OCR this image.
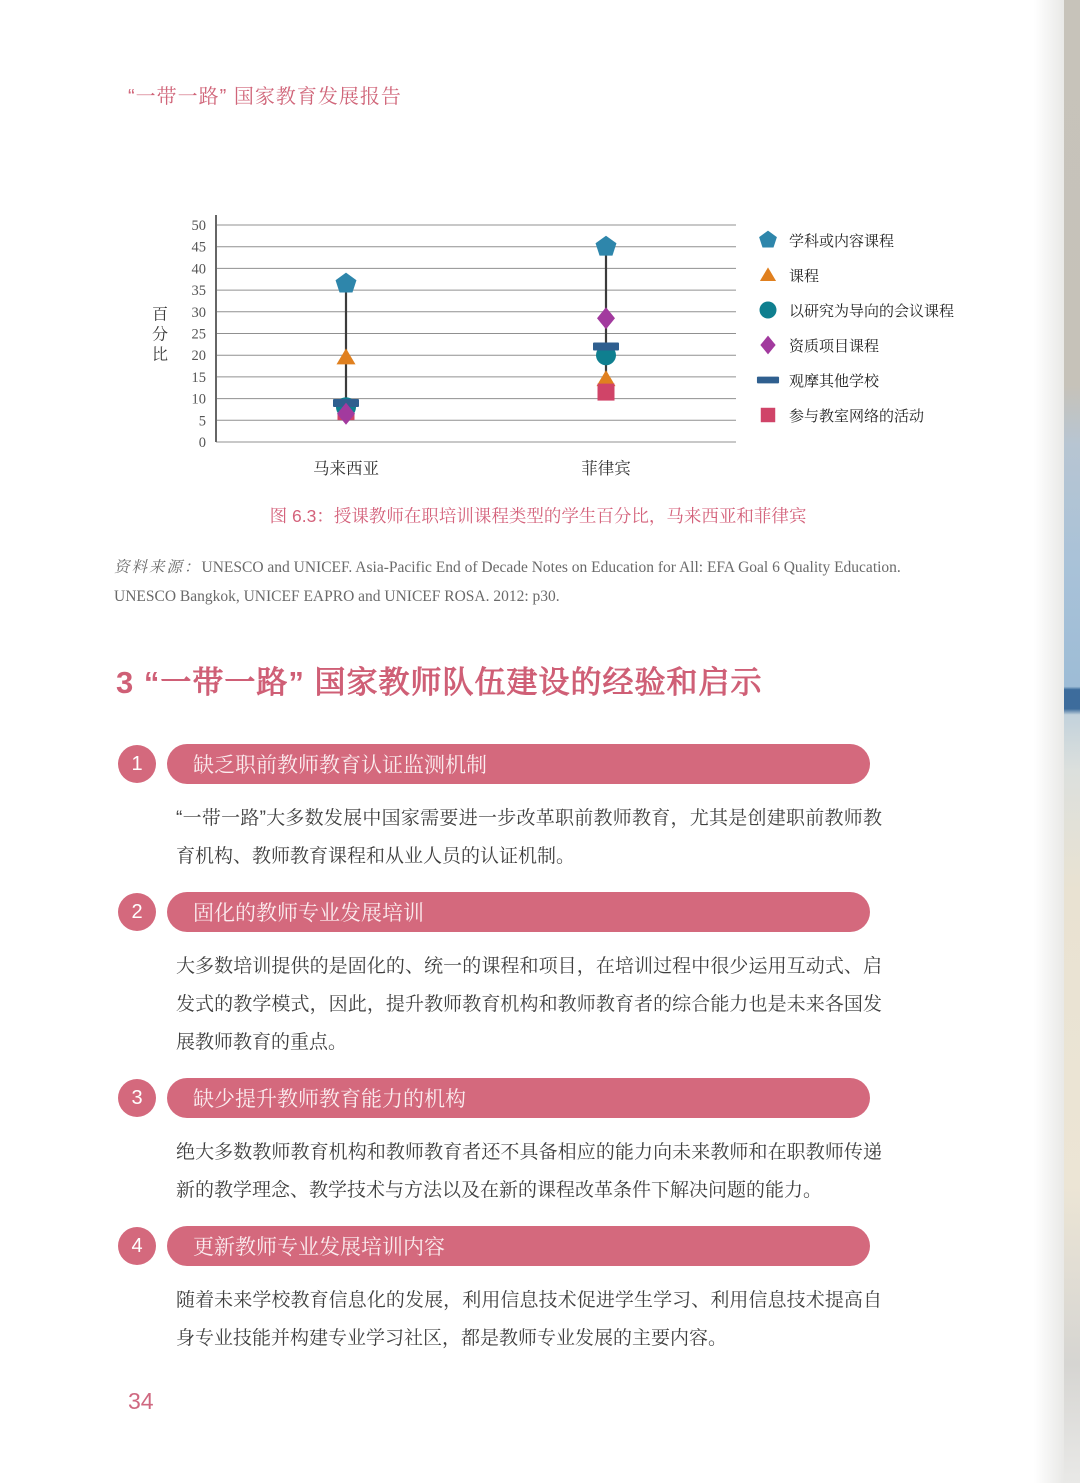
“一带一路” 国家教育发展报告
0
5
10
15
20
25
30
35
40
45
50
百
分
比
马来西亚	菲律宾
学科或内容课程
课程
以研究为导向的会议课程
资质项目课程
观摩其他学校
参与教室网络的活动
图 6.3：授课教师在职培训课程类型的学生百分比，马来西亚和菲律宾

资料来源：UNESCO and UNICEF. Asia-Pacific End of Decade Notes on Education for All: EFA Goal 6 Quality Education. UNESCO Bangkok, UNICEF EAPRO and UNICEF ROSA. 2012: p30.

3 “一带一路” 国家教师队伍建设的经验和启示
1	缺乏职前教师教育认证监测机制

“一带一路”大多数发展中国家需要进一步改革职前教师教育，尤其是创建职前教师教育机构、教师教育课程和从业人员的认证机制。

2	固化的教师专业发展培训

大多数培训提供的是固化的、统一的课程和项目，在培训过程中很少运用互动式、启发式的教学模式，因此，提升教师教育机构和教师教育者的综合能力也是未来各国发展教师教育的重点。

3	缺少提升教师教育能力的机构

绝大多数教师教育机构和教师教育者还不具备相应的能力向未来教师和在职教师传递新的教学理念、教学技术与方法以及在新的课程改革条件下解决问题的能力。

4	更新教师专业发展培训内容

随着未来学校教育信息化的发展，利用信息技术促进学生学习、利用信息技术提高自身专业技能并构建专业学习社区，都是教师专业发展的主要内容。

34
